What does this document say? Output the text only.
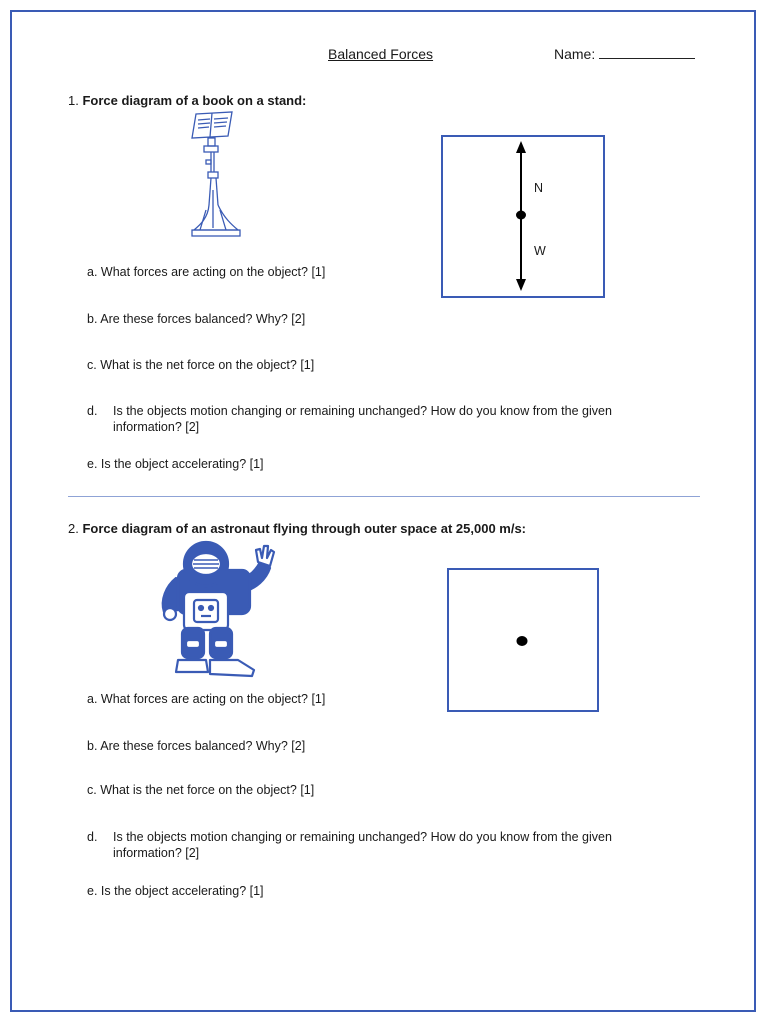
Balanced Forces	Name:
1. Force diagram of a book on a stand:
N
W
a. What forces are acting on the object? [1]
b. Are these forces balanced? Why? [2]
c. What is the net force on the object? [1]
d. Is the objects motion changing or remaining unchanged? How do you know from the given
information? [2]
e. Is the object accelerating? [1]
2. Force diagram of an astronaut flying through outer space at 25,000 m/s:
a. What forces are acting on the object? [1]
b. Are these forces balanced? Why? [2]
c. What is the net force on the object? [1]
d. Is the objects motion changing or remaining unchanged? How do you know from the given
information? [2]
e. Is the object accelerating? [1]
